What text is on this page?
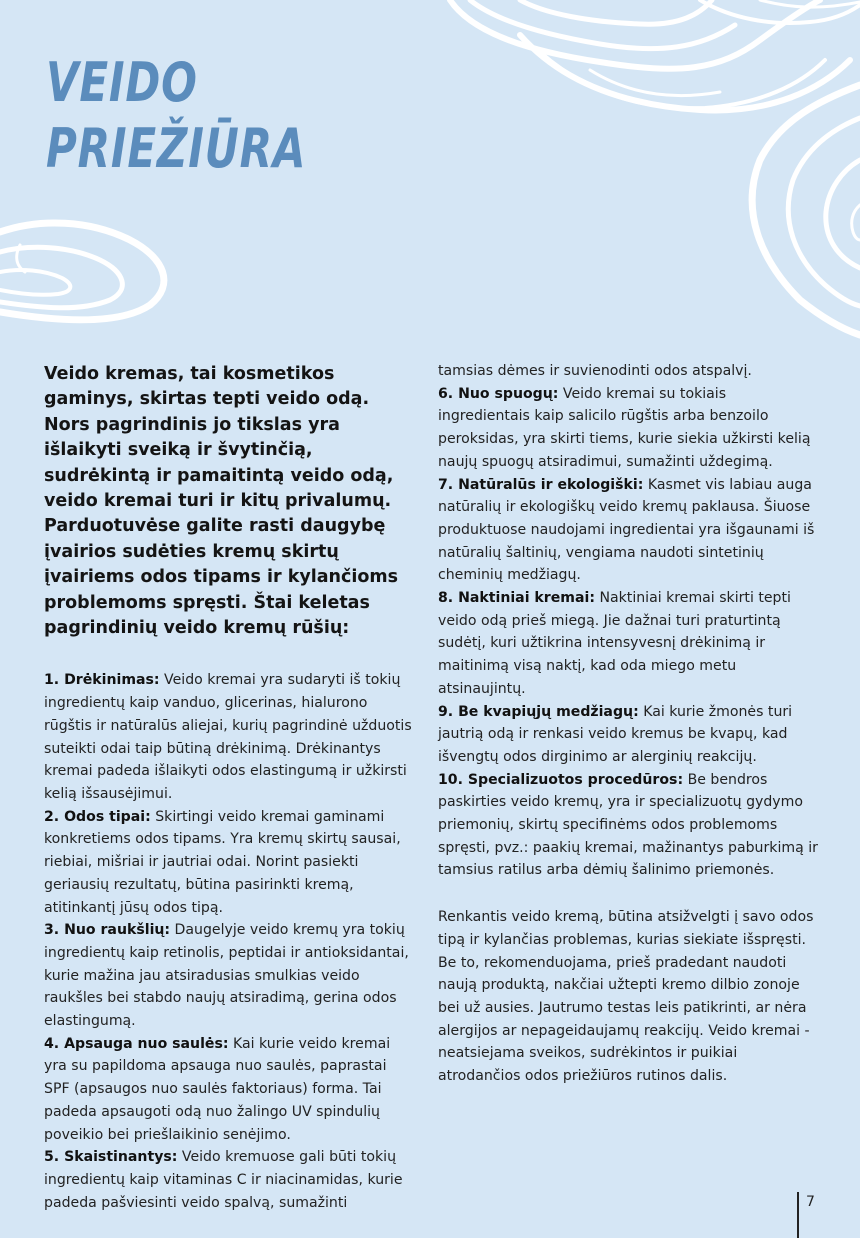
VEIDO
PRIEŽIŪRA

Veido kremas, tai kosmetikos gaminys, skirtas tepti veido odą. Nors pagrindinis jo tikslas yra išlaikyti sveiką ir švytinčią, sudrėkintą ir pamaitintą veido odą, veido kremai turi ir kitų privalumų. Parduotuvėse galite rasti daugybę įvairios sudėties kremų skirtų įvairiems odos tipams ir kylančioms problemoms spręsti. Štai keletas pagrindinių veido kremų rūšių:

1. Drėkinimas: Veido kremai yra sudaryti iš tokių ingredientų kaip vanduo, glicerinas, hialurono rūgštis ir natūralūs aliejai, kurių pagrindinė užduotis suteikti odai taip būtiną drėkinimą. Drėkinantys kremai padeda išlaikyti odos elastingumą ir užkirsti kelią išsausėjimui.

2. Odos tipai: Skirtingi veido kremai gaminami konkretiems odos tipams. Yra kremų skirtų sausai, riebiai, mišriai ir jautriai odai. Norint pasiekti geriausių rezultatų, būtina pasirinkti kremą, atitinkantį jūsų odos tipą.

3. Nuo raukšlių: Daugelyje veido kremų yra tokių ingredientų kaip retinolis, peptidai ir antioksidantai, kurie mažina jau atsiradusias smulkias veido raukšles bei stabdo naujų atsiradimą, gerina odos elastingumą.

4. Apsauga nuo saulės: Kai kurie veido kremai yra su papildoma apsauga nuo saulės, paprastai SPF (apsaugos nuo saulės faktoriaus) forma. Tai padeda apsaugoti odą nuo žalingo UV spindulių poveikio bei priešlaikinio senėjimo.

5. Skaistinantys: Veido kremuose gali būti tokių ingredientų kaip vitaminas C ir niacinamidas, kurie padeda pašviesinti veido spalvą, sumažinti

tamsias dėmes ir suvienodinti odos atspalvį.

6. Nuo spuogų: Veido kremai su tokiais ingredientais kaip salicilo rūgštis arba benzoilo peroksidas, yra skirti tiems, kurie siekia užkirsti kelią naujų spuogų atsiradimui, sumažinti uždegimą.

7. Natūralūs ir ekologiški: Kasmet vis labiau auga natūralių ir ekologiškų veido kremų paklausa. Šiuose produktuose naudojami ingredientai yra išgaunami iš natūralių šaltinių, vengiama naudoti sintetinių cheminių medžiagų.

8. Naktiniai kremai: Naktiniai kremai skirti tepti veido odą prieš miegą. Jie dažnai turi praturtintą sudėtį, kuri užtikrina intensyvesnį drėkinimą ir maitinimą visą naktį, kad oda miego metu atsinaujintų.

9. Be kvapiųjų medžiagų: Kai kurie žmonės turi jautrią odą ir renkasi veido kremus be kvapų, kad išvengtų odos dirginimo ar alerginių reakcijų.

10. Specializuotos procedūros: Be bendros paskirties veido kremų, yra ir specializuotų gydymo priemonių, skirtų specifinėms odos problemoms spręsti, pvz.: paakių kremai, mažinantys paburkimą ir tamsius ratilus arba dėmių šalinimo priemonės.

Renkantis veido kremą, būtina atsižvelgti į savo odos tipą ir kylančias problemas, kurias siekiate išspręsti. Be to, rekomenduojama, prieš pradedant naudoti naują produktą, nakčiai užtepti kremo dilbio zonoje bei už ausies. Jautrumo testas leis patikrinti, ar nėra alergijos ar nepageidaujamų reakcijų. Veido kremai - neatsiejama sveikos, sudrėkintos ir puikiai atrodančios odos priežiūros rutinos dalis.

7
